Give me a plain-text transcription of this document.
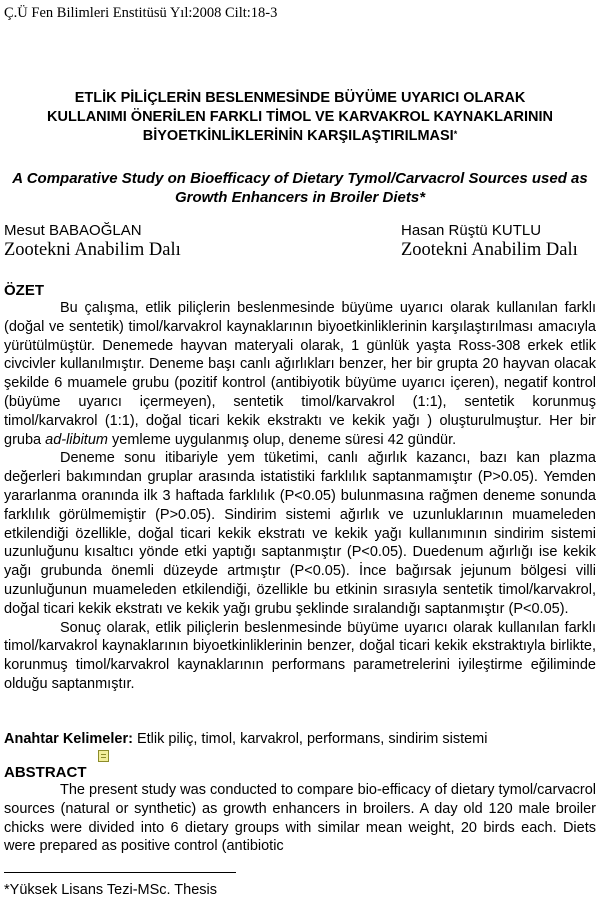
Ç.Ü Fen Bilimleri Enstitüsü Yıl:2008 Cilt:18-3
ETLİK PİLİÇLERİN BESLENMESİNDE BÜYÜME UYARICI OLARAK
KULLANIMI ÖNERİLEN FARKLI TİMOL VE KARVAKROL KAYNAKLARININ
BİYOETKİNLİKLERİNİN KARŞILAŞTIRILMASI*
A Comparative Study on Bioefficacy of Dietary Tymol/Carvacrol Sources used as
Growth Enhancers in Broiler Diets*
Mesut BABAOĞLAN
Zootekni Anabilim Dalı
Hasan Rüştü KUTLU
Zootekni Anabilim Dalı
ÖZET

Bu çalışma, etlik piliçlerin beslenmesinde büyüme uyarıcı olarak kullanılan farklı (doğal ve sentetik) timol/karvakrol kaynaklarının biyoetkinliklerinin karşılaştırılması amacıyla yürütülmüştür. Denemede hayvan materyali olarak, 1 günlük yaşta Ross-308 erkek etlik civcivler kullanılmıştır. Deneme başı canlı ağırlıkları benzer, her bir grupta 20 hayvan olacak şekilde 6 muamele grubu (pozitif kontrol (antibiyotik büyüme uyarıcı içeren), negatif kontrol (büyüme uyarıcı içermeyen), sentetik timol/karvakrol (1:1), sentetik korunmuş timol/karvakrol (1:1), doğal ticari kekik ekstraktı ve kekik yağı ) oluşturulmuştur. Her bir gruba ad-libitum yemleme uygulanmış olup, deneme süresi 42 gündür.

Deneme sonu itibariyle yem tüketimi, canlı ağırlık kazancı, bazı kan plazma değerleri bakımından gruplar arasında istatistiki farklılık saptanmamıştır (P>0.05). Yemden yararlanma oranında ilk 3 haftada farklılık (P<0.05) bulunmasına rağmen deneme sonunda farklılık görülmemiştir (P>0.05). Sindirim sistemi ağırlık ve uzunluklarının muameleden etkilendiği özellikle, doğal ticari kekik ekstratı ve kekik yağı kullanımının sindirim sistemi uzunluğunu kısaltıcı yönde etki yaptığı saptanmıştır (P<0.05). Duedenum ağırlığı ise kekik yağı grubunda önemli düzeyde artmıştır (P<0.05). İnce bağırsak jejunum bölgesi villi uzunluğunun muameleden etkilendiği, özellikle bu etkinin sırasıyla sentetik timol/karvakrol, doğal ticari kekik ekstratı ve kekik yağı grubu şeklinde sıralandığı saptanmıştır (P<0.05).

Sonuç olarak, etlik piliçlerin beslenmesinde büyüme uyarıcı olarak kullanılan farklı timol/karvakrol kaynaklarının biyoetkinliklerinin benzer, doğal ticari kekik ekstraktıyla birlikte, korunmuş timol/karvakrol kaynaklarının performans parametrelerini iyileştirme eğiliminde olduğu saptanmıştır.

Anahtar Kelimeler: Etlik piliç, timol, karvakrol, performans, sindirim sistemi
ABSTRACT

The present study was conducted to compare bio-efficacy of dietary tymol/carvacrol sources (natural or synthetic) as growth enhancers in broilers. A day old 120 male broiler chicks were divided into 6 dietary groups with similar mean weight, 20 birds each. Diets were prepared as positive control (antibiotic

*Yüksek Lisans Tezi-MSc. Thesis
